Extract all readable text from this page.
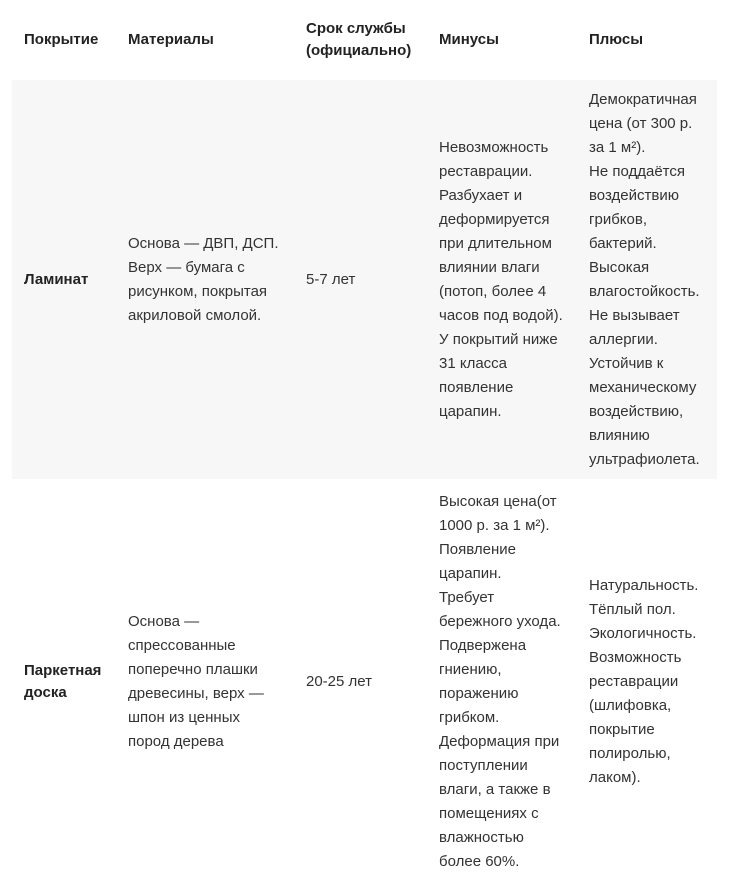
Покрытие Материалы
Срок службы
(официально)
Минусы	Плюсы
Ламинат
Основа — ДВП, ДСП.
Верх — бумага с
рисунком, покрытая
акриловой смолой.
5-7 лет
Невозможность
реставрации.
Разбухает и
деформируется
при длительном
влиянии влаги
(потоп, более 4
часов под водой).
У покрытий ниже
31 класса
появление
царапин.
Демократичная
цена (от 300 р.
за 1 м²).
Не поддаётся
воздействию
грибков,
бактерий.
Высокая
влагостойкость.
Не вызывает
аллергии.
Устойчив к
механическому
воздействию,
влиянию
ультрафиолета.
Паркетная
доска
Основа —
спрессованные
поперечно плашки
древесины, верх —
шпон из ценных
пород дерева
20-25 лет
Высокая цена(от
1000 р. за 1 м²).
Появление
царапин.
Требует
бережного ухода.
Подвержена
гниению,
поражению
грибком.
Деформация при
поступлении
влаги, а также в
помещениях с
влажностью
более 60%.
Натуральность.
Тёплый пол.
Экологичность.
Возможность
реставрации
(шлифовка,
покрытие
полиролью,
лаком).
